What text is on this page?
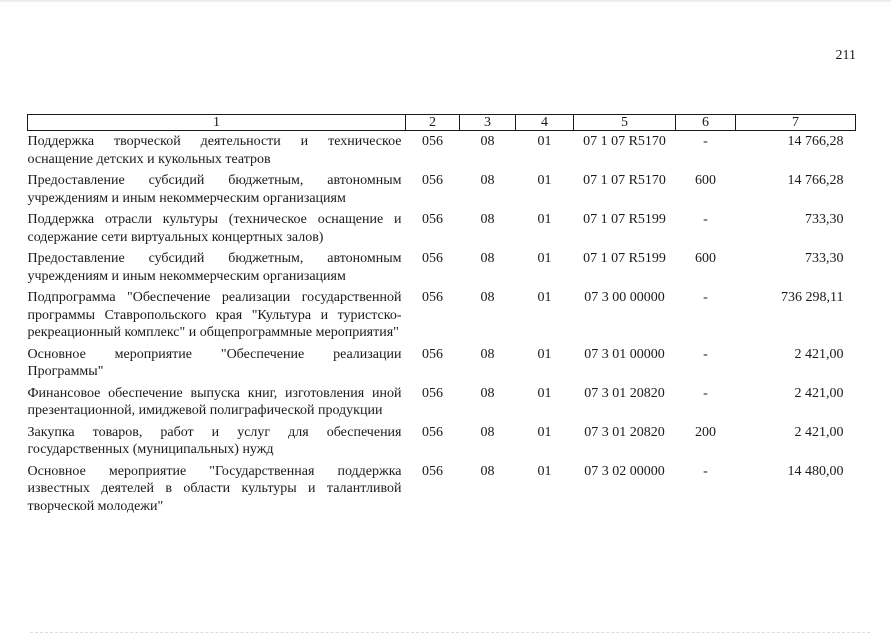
211
1	2	3	4	5	6	7
Поддержка творческой деятельности и техническое оснащение детских и кукольных театров	056	08	01	07 1 07 R5170	-	14 766,28
Предоставление субсидий бюджетным, автономным учреждениям и иным некоммерческим организациям	056	08	01	07 1 07 R5170	600	14 766,28
Поддержка отрасли культуры (техническое оснащение и содержание сети виртуальных концертных залов)	056	08	01	07 1 07 R5199	-	733,30
Предоставление субсидий бюджетным, автономным учреждениям и иным некоммерческим организациям	056	08	01	07 1 07 R5199	600	733,30
Подпрограмма "Обеспечение реализации государственной программы Ставропольского края "Культура и туристско-рекреационный комплекс" и общепрограммные мероприятия"	056	08	01	07 3 00 00000	-	736 298,11
Основное мероприятие "Обеспечение реализации Программы"	056	08	01	07 3 01 00000	-	2 421,00
Финансовое обеспечение выпуска книг, изготовления иной презентационной, имиджевой полиграфической продукции	056	08	01	07 3 01 20820	-	2 421,00
Закупка товаров, работ и услуг для обеспечения государственных (муниципальных) нужд	056	08	01	07 3 01 20820	200	2 421,00
Основное мероприятие "Государственная поддержка известных деятелей в области культуры и талантливой творческой молодежи"	056	08	01	07 3 02 00000	-	14 480,00
